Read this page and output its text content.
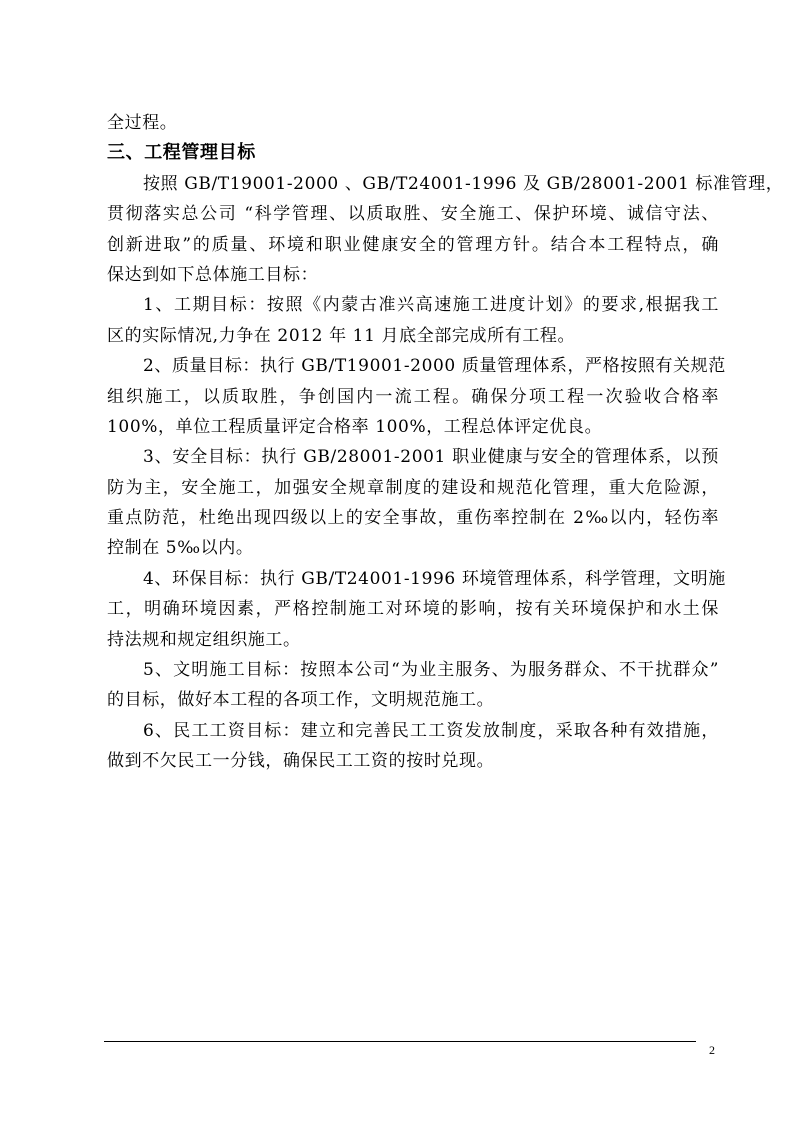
全过程。
三、工程管理目标
按照 GB/T19001-2000 、GB/T24001-1996 及 GB/28001-2001 标准管理，
贯彻落实总公司 “科学管理、以质取胜、安全施工、保护环境、诚信守法、
创新进取”的质量、环境和职业健康安全的管理方针。结合本工程特点，确
保达到如下总体施工目标：
1、工期目标：按照《内蒙古准兴高速施工进度计划》的要求,根据我工
区的实际情况,力争在 2012 年 11 月底全部完成所有工程。
2、质量目标：执行 GB/T19001-2000 质量管理体系，严格按照有关规范
组织施工，以质取胜，争创国内一流工程。确保分项工程一次验收合格率
100%，单位工程质量评定合格率 100%，工程总体评定优良。
3、安全目标：执行 GB/28001-2001 职业健康与安全的管理体系，以预
防为主，安全施工，加强安全规章制度的建设和规范化管理，重大危险源，
重点防范，杜绝出现四级以上的安全事故，重伤率控制在 2‰以内，轻伤率
控制在 5‰以内。
4、环保目标：执行 GB/T24001-1996 环境管理体系，科学管理，文明施
工，明确环境因素，严格控制施工对环境的影响，按有关环境保护和水土保
持法规和规定组织施工。
5、文明施工目标：按照本公司“为业主服务、为服务群众、不干扰群众”
的目标，做好本工程的各项工作，文明规范施工。
6、民工工资目标：建立和完善民工工资发放制度，采取各种有效措施，
做到不欠民工一分钱，确保民工工资的按时兑现。
2
